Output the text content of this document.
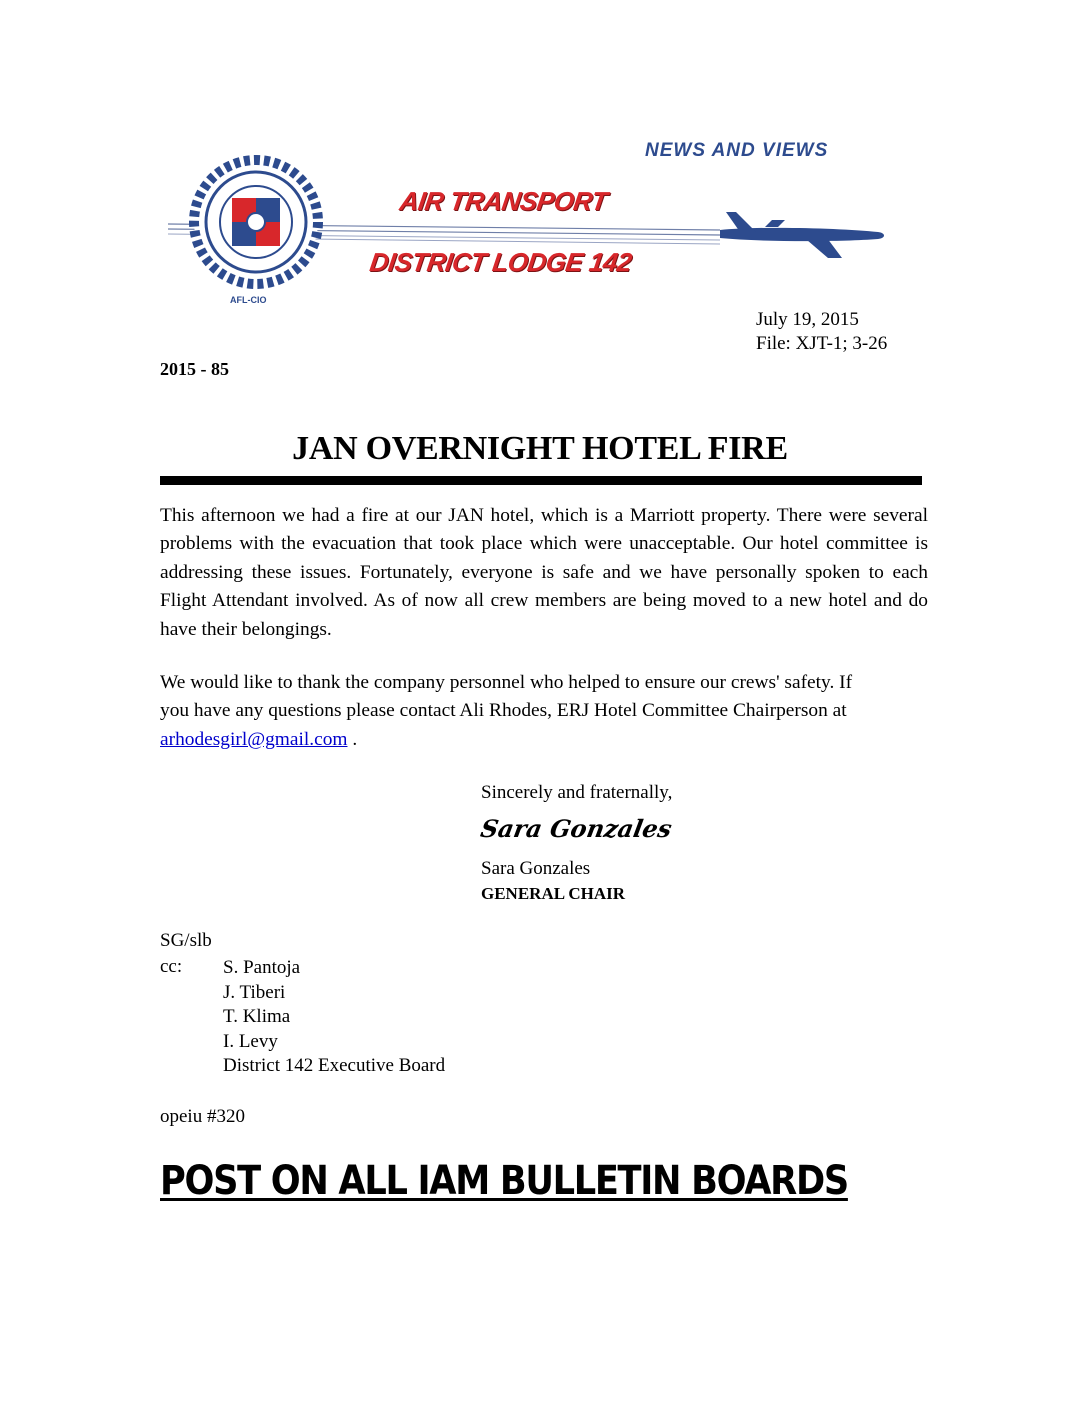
NEWS AND VIEWS
AIR TRANSPORT
DISTRICT LODGE 142
AFL-CIO
July 19, 2015
File: XJT-1; 3-26
2015 - 85
JAN OVERNIGHT HOTEL FIRE
This afternoon we had a fire at our JAN hotel, which is a Marriott property. There were several problems with the evacuation that took place which were unacceptable. Our hotel committee is addressing these issues. Fortunately, everyone is safe and we have personally spoken to each Flight Attendant involved. As of now all crew members are being moved to a new hotel and do have their belongings.
We would like to thank the company personnel who helped to ensure our crews' safety. If
you have any questions please contact Ali Rhodes, ERJ Hotel Committee Chairperson at
arhodesgirl@gmail.com .
Sincerely and fraternally,
Sara Gonzales
Sara Gonzales
GENERAL CHAIR
SG/slb
cc: S. Pantoja
J. Tiberi
T. Klima
I. Levy
District 142 Executive Board
opeiu #320
POST ON ALL IAM BULLETIN BOARDS
